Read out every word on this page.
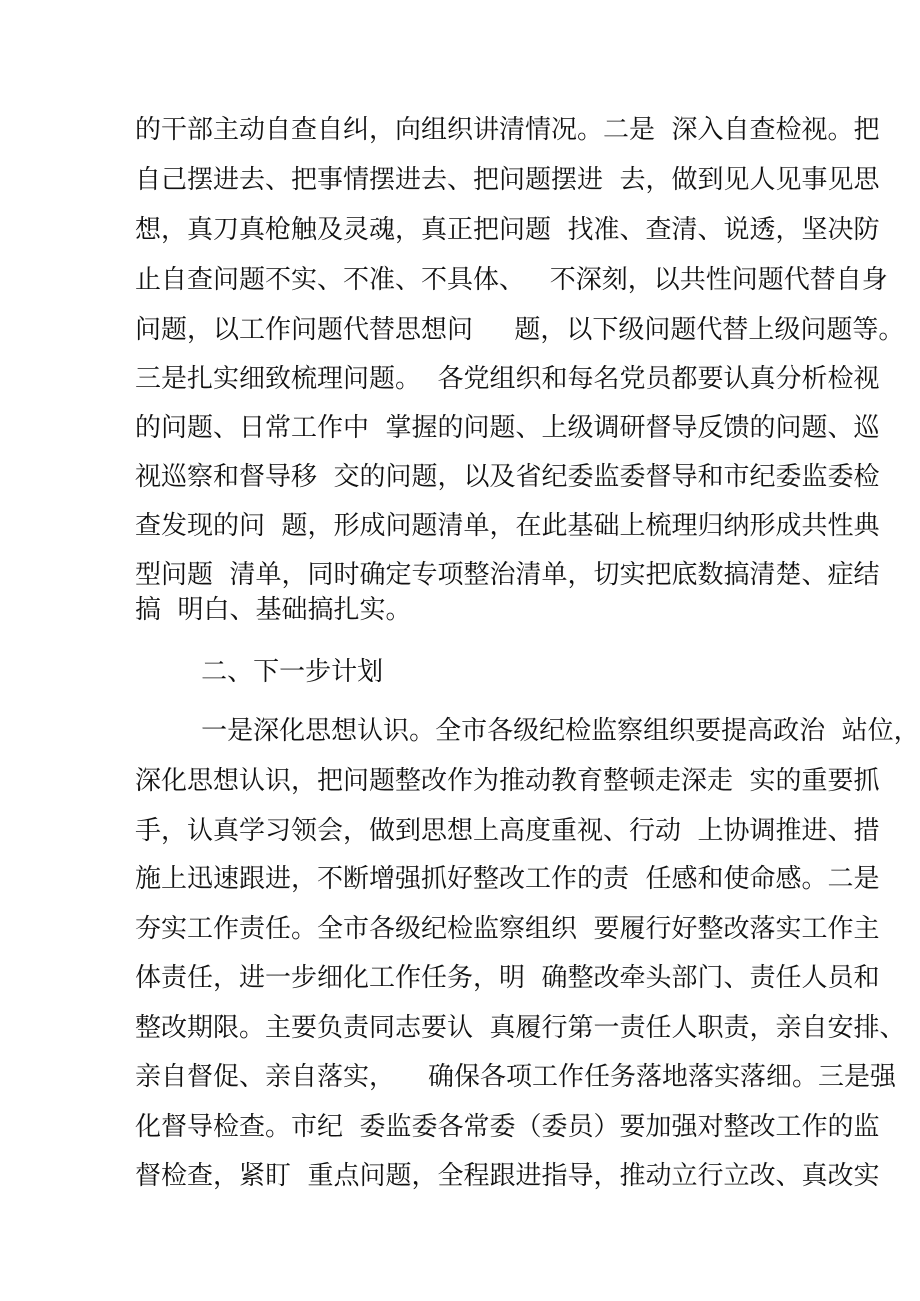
的干部主动自查自纠，向组织讲清情况。二是  深入自查检视。把
自己摆进去、把事情摆进去、把问题摆进  去，做到见人见事见思
想，真刀真枪触及灵魂，真正把问题  找准、查清、说透，坚决防
止自查问题不实、不准、不具体、   不深刻，以共性问题代替自身
问题，以工作问题代替思想问     题，以下级问题代替上级问题等。
三是扎实细致梳理问题。  各党组织和每名党员都要认真分析检视
的问题、日常工作中  掌握的问题、上级调研督导反馈的问题、巡
视巡察和督导移  交的问题，以及省纪委监委督导和市纪委监委检
查发现的问  题，形成问题清单，在此基础上梳理归纳形成共性典
型问题  清单，同时确定专项整治清单，切实把底数搞清楚、症结
搞  明白、基础搞扎实。
二、下一步计划
一是深化思想认识。全市各级纪检监察组织要提高政治  站位，
深化思想认识，把问题整改作为推动教育整顿走深走  实的重要抓
手，认真学习领会，做到思想上高度重视、行动  上协调推进、措
施上迅速跟进，不断增强抓好整改工作的责  任感和使命感。二是
夯实工作责任。全市各级纪检监察组织  要履行好整改落实工作主
体责任，进一步细化工作任务，明  确整改牵头部门、责任人员和
整改期限。主要负责同志要认  真履行第一责任人职责，亲自安排、
亲自督促、亲自落实，    确保各项工作任务落地落实落细。三是强
化督导检查。市纪  委监委各常委（委员）要加强对整改工作的监
督检查，紧盯  重点问题，全程跟进指导，推动立行立改、真改实
